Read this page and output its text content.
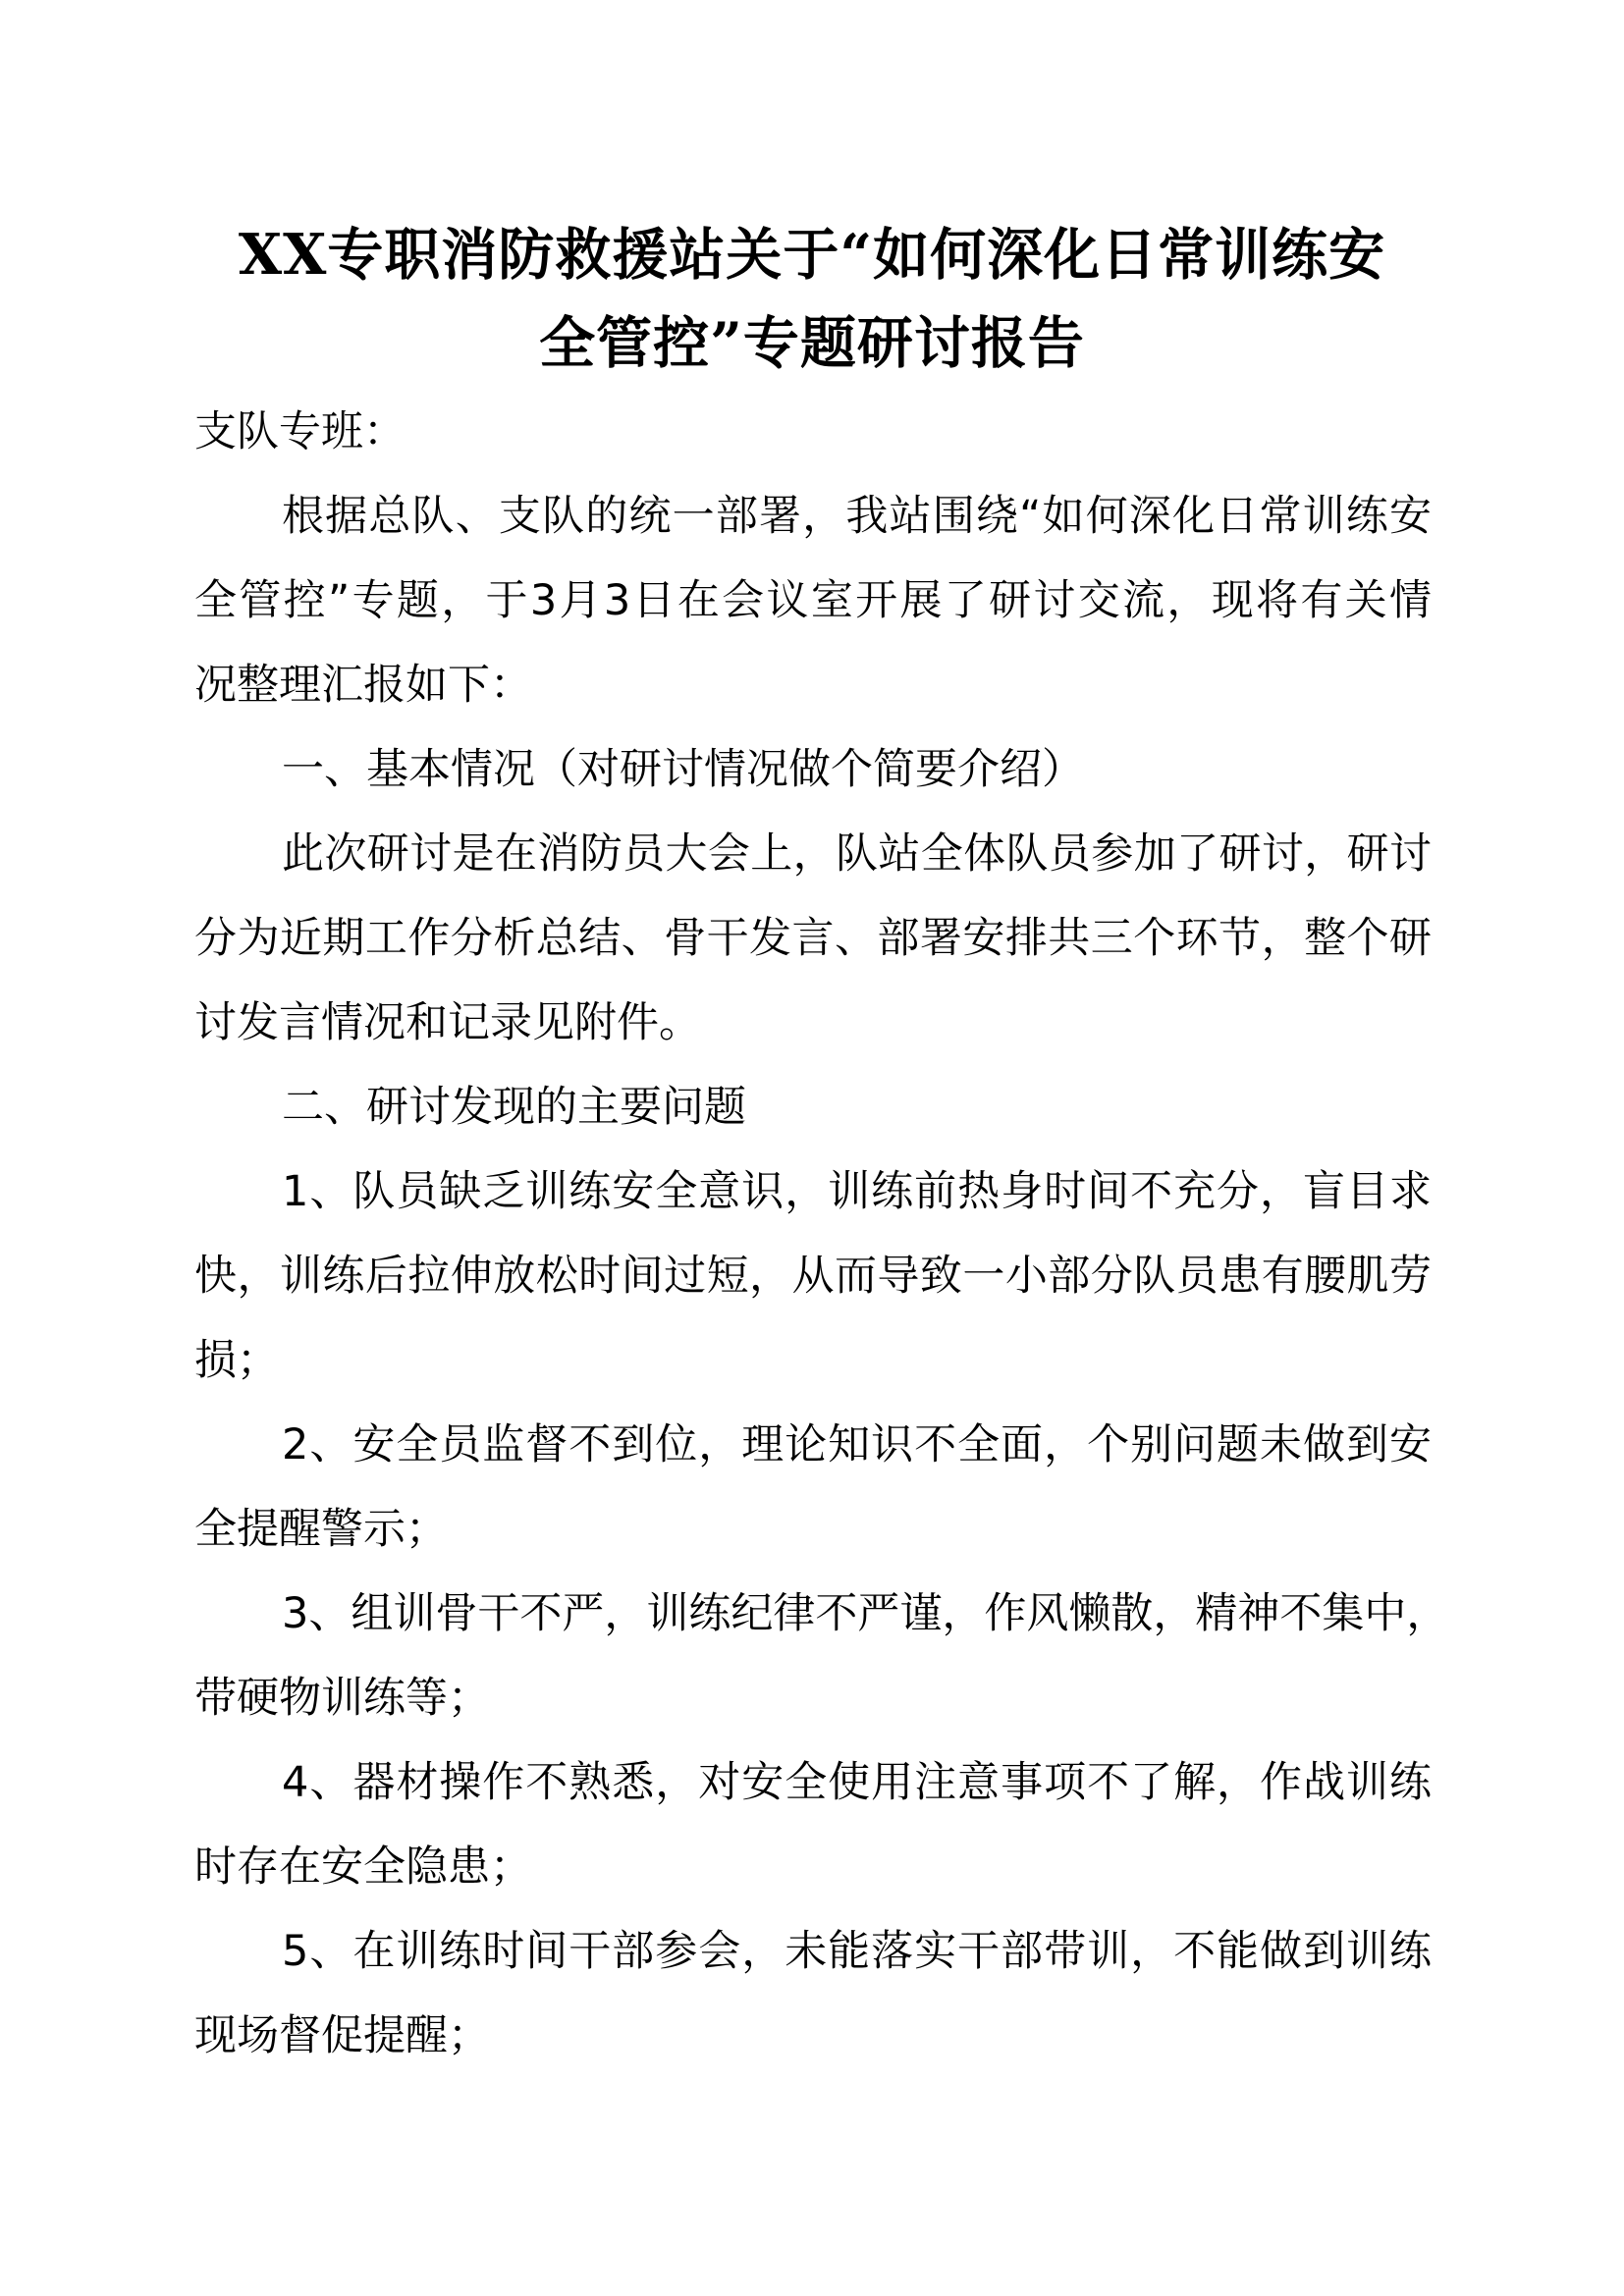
XX专职消防救援站关于“如何深化日常训练安
全管控”专题研讨报告
支队专班：
根据总队、支队的统一部署，我站围绕“如何深化日常训练安
全管控”专题，于3月3日在会议室开展了研讨交流，现将有关情
况整理汇报如下：
一、基本情况（对研讨情况做个简要介绍）
此次研讨是在消防员大会上，队站全体队员参加了研讨，研讨
分为近期工作分析总结、骨干发言、部署安排共三个环节，整个研
讨发言情况和记录见附件。
二、研讨发现的主要问题
1、队员缺乏训练安全意识，训练前热身时间不充分，盲目求
快，训练后拉伸放松时间过短，从而导致一小部分队员患有腰肌劳
损；
2、安全员监督不到位，理论知识不全面，个别问题未做到安
全提醒警示；
3、组训骨干不严，训练纪律不严谨，作风懒散，精神不集中，
带硬物训练等；
4、器材操作不熟悉，对安全使用注意事项不了解，作战训练
时存在安全隐患；
5、在训练时间干部参会，未能落实干部带训，不能做到训练
现场督促提醒；
